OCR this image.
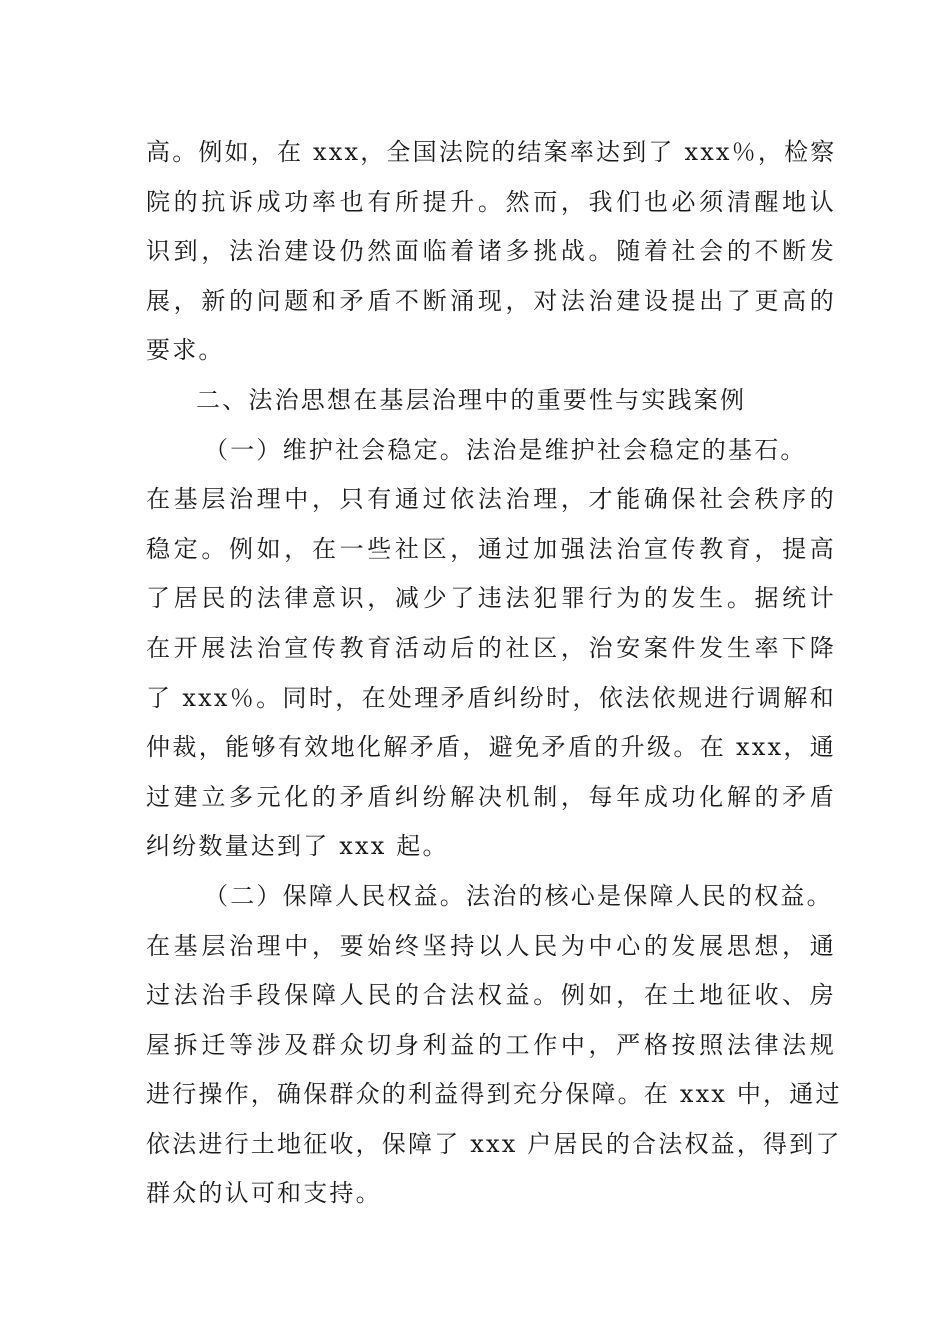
高。例如，在 xxx，全国法院的结案率达到了 xxx％，检察
院的抗诉成功率也有所提升。然而，我们也必须清醒地认
识到，法治建设仍然面临着诸多挑战。随着社会的不断发
展，新的问题和矛盾不断涌现，对法治建设提出了更高的
要求。
二、法治思想在基层治理中的重要性与实践案例
（一）维护社会稳定。法治是维护社会稳定的基石。
在基层治理中，只有通过依法治理，才能确保社会秩序的
稳定。例如，在一些社区，通过加强法治宣传教育，提高
了居民的法律意识，减少了违法犯罪行为的发生。据统计
在开展法治宣传教育活动后的社区，治安案件发生率下降
了 xxx％。同时，在处理矛盾纠纷时，依法依规进行调解和
仲裁，能够有效地化解矛盾，避免矛盾的升级。在 xxx，通
过建立多元化的矛盾纠纷解决机制，每年成功化解的矛盾
纠纷数量达到了 xxx 起。
（二）保障人民权益。法治的核心是保障人民的权益。
在基层治理中，要始终坚持以人民为中心的发展思想，通
过法治手段保障人民的合法权益。例如，在土地征收、房
屋拆迁等涉及群众切身利益的工作中，严格按照法律法规
进行操作，确保群众的利益得到充分保障。在 xxx 中，通过
依法进行土地征收，保障了 xxx 户居民的合法权益，得到了
群众的认可和支持。
